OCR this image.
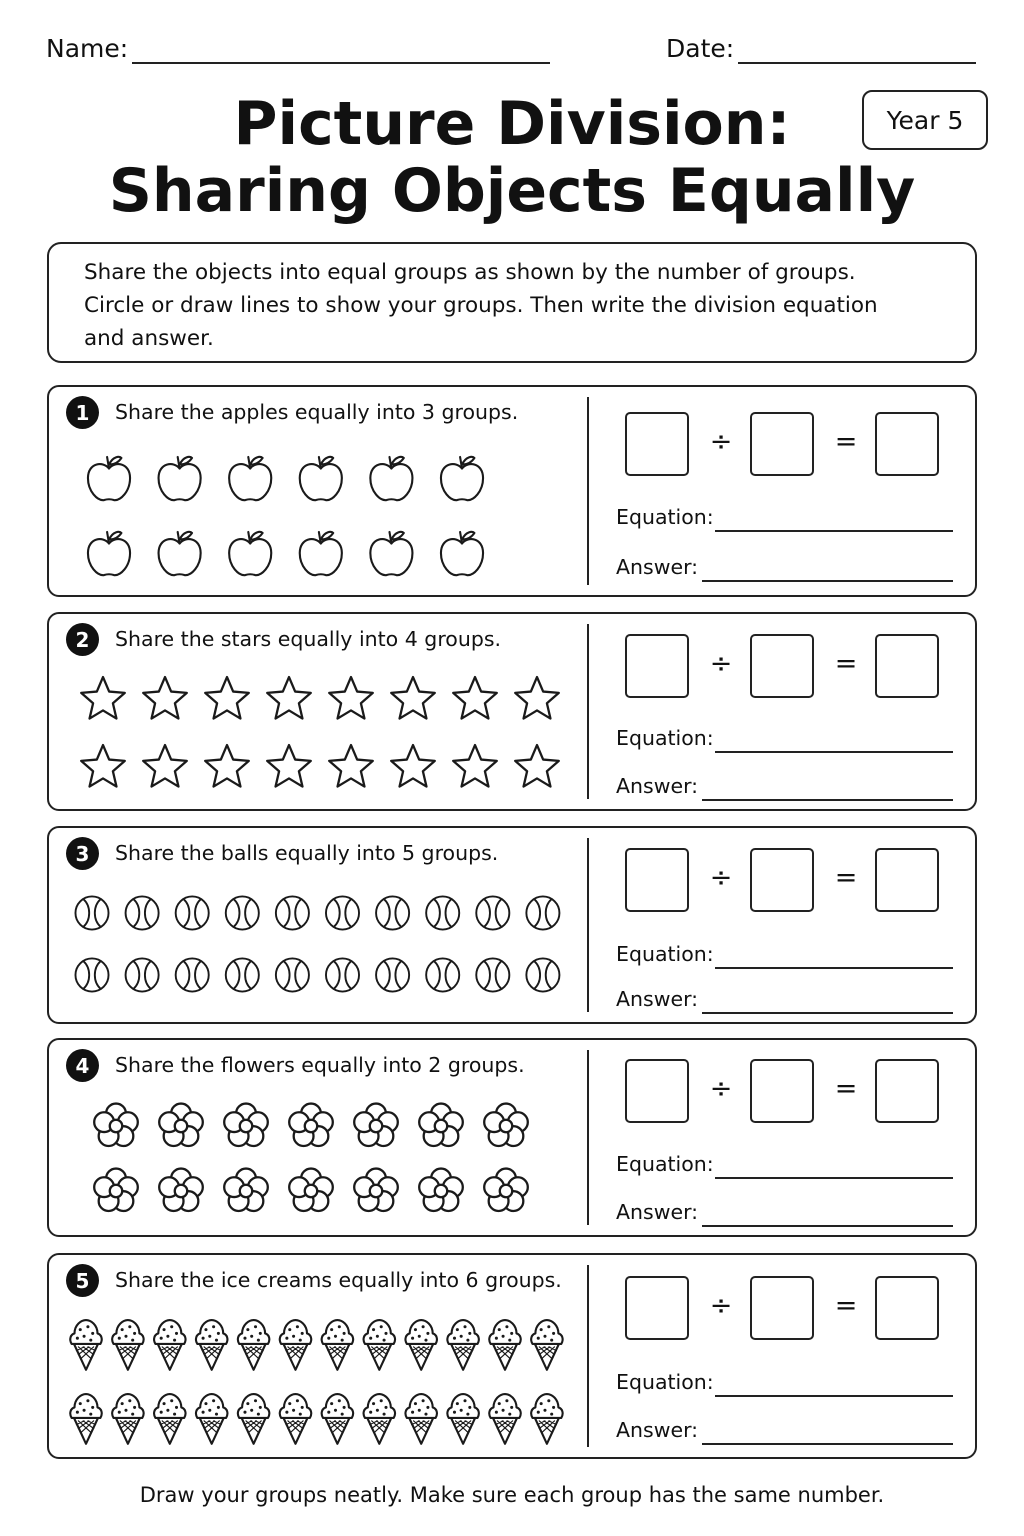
Name:	Date:
Year 5
Picture Division:
Sharing Objects Equally
Share the objects into equal groups as shown by the number of groups.
Circle or draw lines to show your groups. Then write the division equation
and answer.
1	Share the apples equally into 3 groups.
÷	=
Equation:
Answer:
2	Share the stars equally into 4 groups.
÷	=
Equation:
Answer:
3	Share the balls equally into 5 groups.
÷	=
Equation:
Answer:
4	Share the flowers equally into 2 groups.
÷	=
Equation:
Answer:
5	Share the ice creams equally into 6 groups.
÷	=
Equation:
Answer:
Draw your groups neatly. Make sure each group has the same number.
